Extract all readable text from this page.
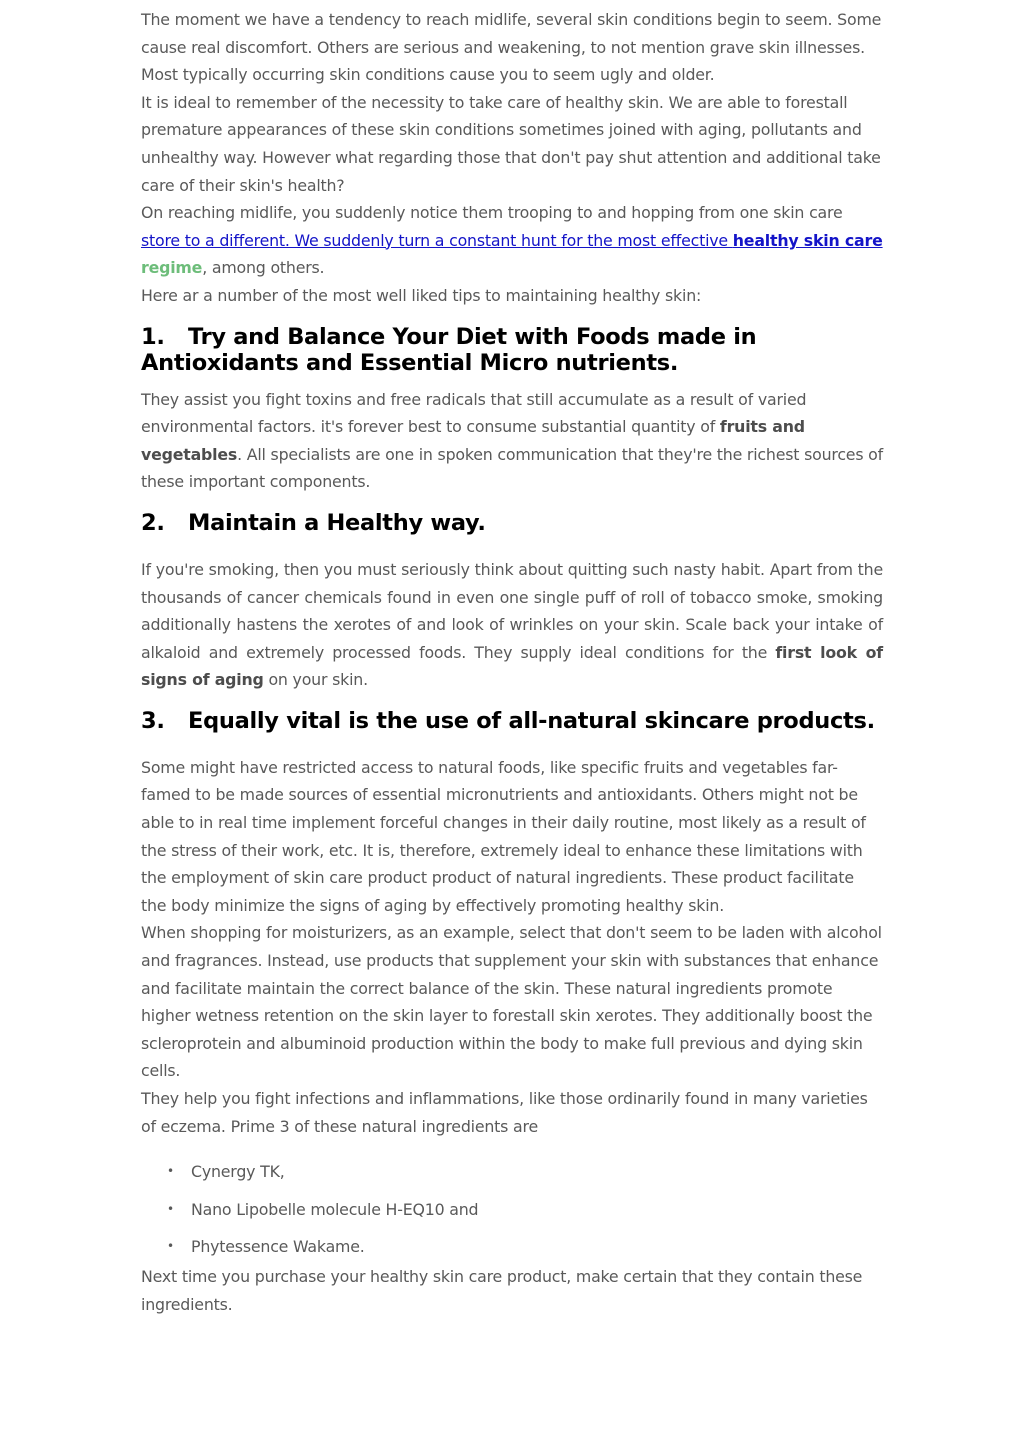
The moment we have a tendency to reach midlife, several skin conditions begin to seem. Some cause real discomfort. Others are serious and weakening, to not mention grave skin illnesses. Most typically occurring skin conditions cause you to seem ugly and older.

It is ideal to remember of the necessity to take care of healthy skin. We are able to forestall premature appearances of these skin conditions sometimes joined with aging, pollutants and unhealthy way. However what regarding those that don't pay shut attention and additional take care of their skin's health?

On reaching midlife, you suddenly notice them trooping to and hopping from one skin care store to a different. We suddenly turn a constant hunt for the most effective healthy skin care regime, among others.

Here ar a number of the most well liked tips to maintaining healthy skin:

1. Try and Balance Your Diet with Foods made in Antioxidants and Essential Micro nutrients.

They assist you fight toxins and free radicals that still accumulate as a result of varied environmental factors. it's forever best to consume substantial quantity of fruits and vegetables. All specialists are one in spoken communication that they're the richest sources of these important components.

2. Maintain a Healthy way.

If you're smoking, then you must seriously think about quitting such nasty habit. Apart from the thousands of cancer chemicals found in even one single puff of roll of tobacco smoke, smoking additionally hastens the xerotes of and look of wrinkles on your skin. Scale back your intake of alkaloid and extremely processed foods. They supply ideal conditions for the first look of signs of aging on your skin.

3. Equally vital is the use of all-natural skincare products.

Some might have restricted access to natural foods, like specific fruits and vegetables far-famed to be made sources of essential micronutrients and antioxidants. Others might not be able to in real time implement forceful changes in their daily routine, most likely as a result of the stress of their work, etc. It is, therefore, extremely ideal to enhance these limitations with the employment of skin care product product of natural ingredients. These product facilitate the body minimize the signs of aging by effectively promoting healthy skin.

When shopping for moisturizers, as an example, select that don't seem to be laden with alcohol and fragrances. Instead, use products that supplement your skin with substances that enhance and facilitate maintain the correct balance of the skin. These natural ingredients promote higher wetness retention on the skin layer to forestall skin xerotes. They additionally boost the scleroprotein and albuminoid production within the body to make full previous and dying skin cells.

They help you fight infections and inflammations, like those ordinarily found in many varieties of eczema. Prime 3 of these natural ingredients are

• Cynergy TK,
• Nano Lipobelle molecule H-EQ10 and
• Phytessence Wakame.

Next time you purchase your healthy skin care product, make certain that they contain these ingredients.
